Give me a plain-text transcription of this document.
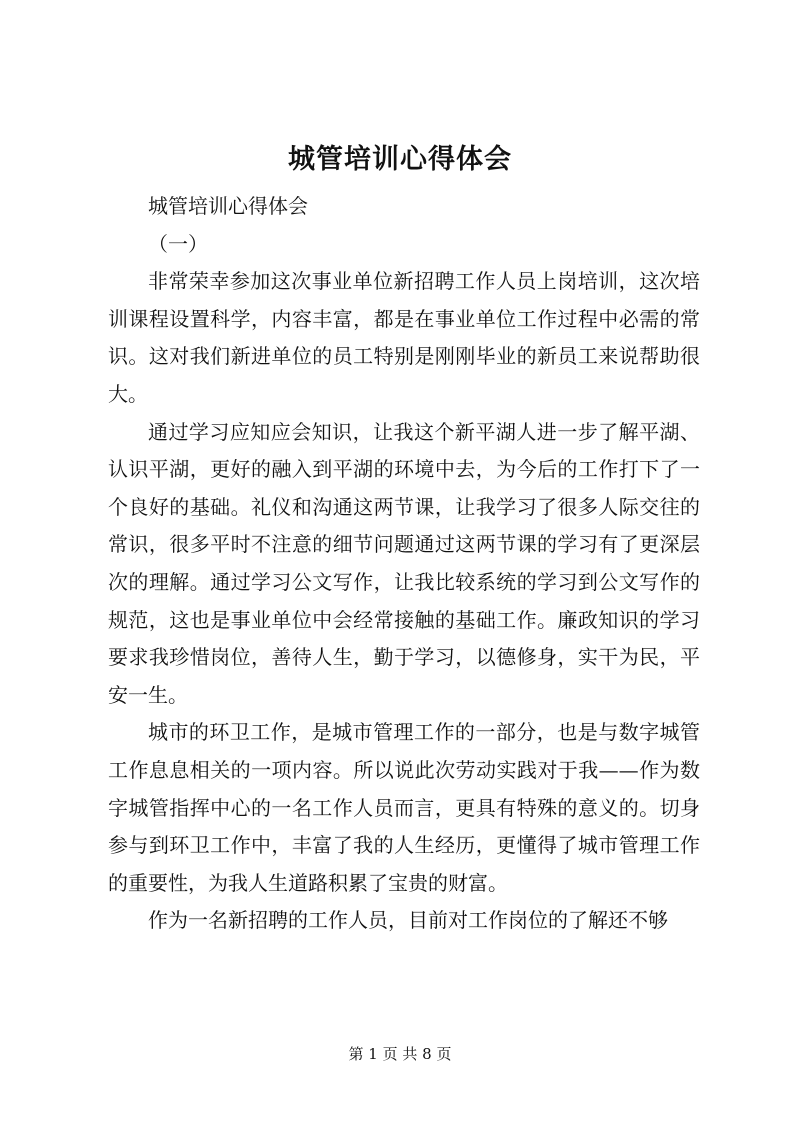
城管培训心得体会

城管培训心得体会

（一）

非常荣幸参加这次事业单位新招聘工作人员上岗培训，这次培训课程设置科学，内容丰富，都是在事业单位工作过程中必需的常识。这对我们新进单位的员工特别是刚刚毕业的新员工来说帮助很大。

通过学习应知应会知识，让我这个新平湖人进一步了解平湖、认识平湖，更好的融入到平湖的环境中去，为今后的工作打下了一个良好的基础。礼仪和沟通这两节课，让我学习了很多人际交往的常识，很多平时不注意的细节问题通过这两节课的学习有了更深层次的理解。通过学习公文写作，让我比较系统的学习到公文写作的规范，这也是事业单位中会经常接触的基础工作。廉政知识的学习要求我珍惜岗位，善待人生，勤于学习，以德修身，实干为民，平安一生。

城市的环卫工作，是城市管理工作的一部分，也是与数字城管工作息息相关的一项内容。所以说此次劳动实践对于我——作为数字城管指挥中心的一名工作人员而言，更具有特殊的意义的。切身参与到环卫工作中，丰富了我的人生经历，更懂得了城市管理工作的重要性，为我人生道路积累了宝贵的财富。

作为一名新招聘的工作人员，目前对工作岗位的了解还不够

第 1 页 共 8 页
